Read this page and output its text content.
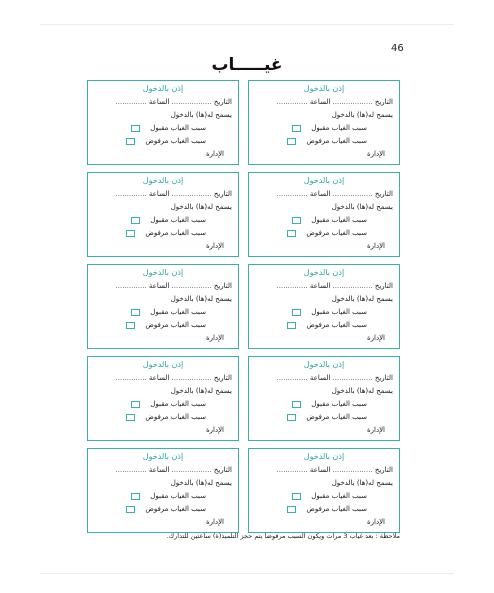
46
غيـــــاب
إذن بالدخول
التاريخ .................. الساعة ..............
يسمح له(ها) بالدخول
سبب الغياب مقبول
سبب الغياب مرفوض
الإدارة
إذن بالدخول
التاريخ .................. الساعة ..............
يسمح له(ها) بالدخول
سبب الغياب مقبول
سبب الغياب مرفوض
الإدارة
إذن بالدخول
التاريخ .................. الساعة ..............
يسمح له(ها) بالدخول
سبب الغياب مقبول
سبب الغياب مرفوض
الإدارة
إذن بالدخول
التاريخ .................. الساعة ..............
يسمح له(ها) بالدخول
سبب الغياب مقبول
سبب الغياب مرفوض
الإدارة
إذن بالدخول
التاريخ .................. الساعة ..............
يسمح له(ها) بالدخول
سبب الغياب مقبول
سبب الغياب مرفوض
الإدارة
إذن بالدخول
التاريخ .................. الساعة ..............
يسمح له(ها) بالدخول
سبب الغياب مقبول
سبب الغياب مرفوض
الإدارة
إذن بالدخول
التاريخ .................. الساعة ..............
يسمح له(ها) بالدخول
سبب الغياب مقبول
سبب الغياب مرفوض
الإدارة
إذن بالدخول
التاريخ .................. الساعة ..............
يسمح له(ها) بالدخول
سبب الغياب مقبول
سبب الغياب مرفوض
الإدارة
إذن بالدخول
التاريخ .................. الساعة ..............
يسمح له(ها) بالدخول
سبب الغياب مقبول
سبب الغياب مرفوض
الإدارة
إذن بالدخول
التاريخ .................. الساعة ..............
يسمح له(ها) بالدخول
سبب الغياب مقبول
سبب الغياب مرفوض
الإدارة
ملاحظة : بعد غياب 3 مرات ويكون السبب مرفوضا يتم حجز التلميذ(ة) ساعتين للتدارك.
